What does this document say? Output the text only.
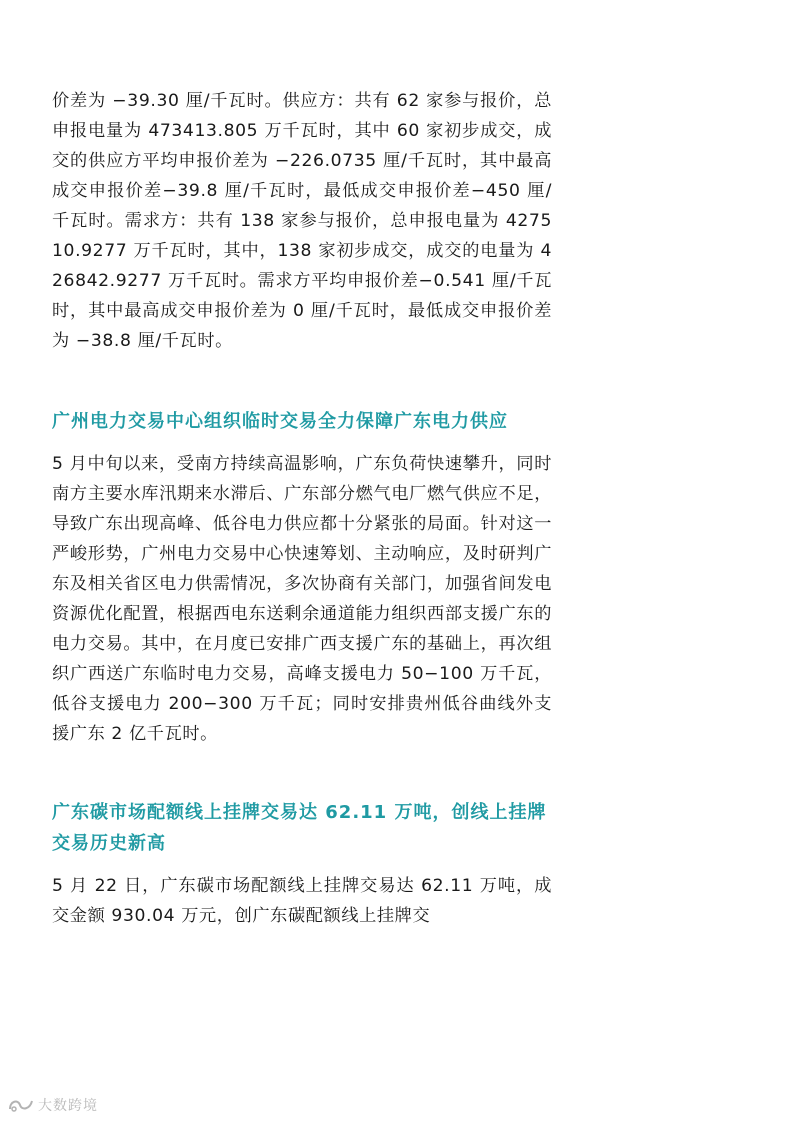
价差为 −39.30 厘/千瓦时。供应方：共有 62 家参与报价，总申报电量为 473413.805 万千瓦时，其中 60 家初步成交，成交的供应方平均申报价差为 −226.0735 厘/千瓦时，其中最高成交申报价差−39.8 厘/千瓦时，最低成交申报价差−450 厘/千瓦时。需求方：共有 138 家参与报价，总申报电量为 427510.9277 万千瓦时，其中，138 家初步成交，成交的电量为 426842.9277 万千瓦时。需求方平均申报价差−0.541 厘/千瓦时，其中最高成交申报价差为 0 厘/千瓦时，最低成交申报价差为 −38.8 厘/千瓦时。

广州电力交易中心组织临时交易全力保障广东电力供应

5 月中旬以来，受南方持续高温影响，广东负荷快速攀升，同时南方主要水库汛期来水滞后、广东部分燃气电厂燃气供应不足，导致广东出现高峰、低谷电力供应都十分紧张的局面。针对这一严峻形势，广州电力交易中心快速筹划、主动响应，及时研判广东及相关省区电力供需情况，多次协商有关部门，加强省间发电资源优化配置，根据西电东送剩余通道能力组织西部支援广东的电力交易。其中，在月度已安排广西支援广东的基础上，再次组织广西送广东临时电力交易，高峰支援电力 50−100 万千瓦，低谷支援电力 200−300 万千瓦；同时安排贵州低谷曲线外支援广东 2 亿千瓦时。

广东碳市场配额线上挂牌交易达 62.11 万吨，创线上挂牌交易历史新高

5 月 22 日，广东碳市场配额线上挂牌交易达 62.11 万吨，成交金额 930.04 万元，创广东碳配额线上挂牌交

大数跨境
